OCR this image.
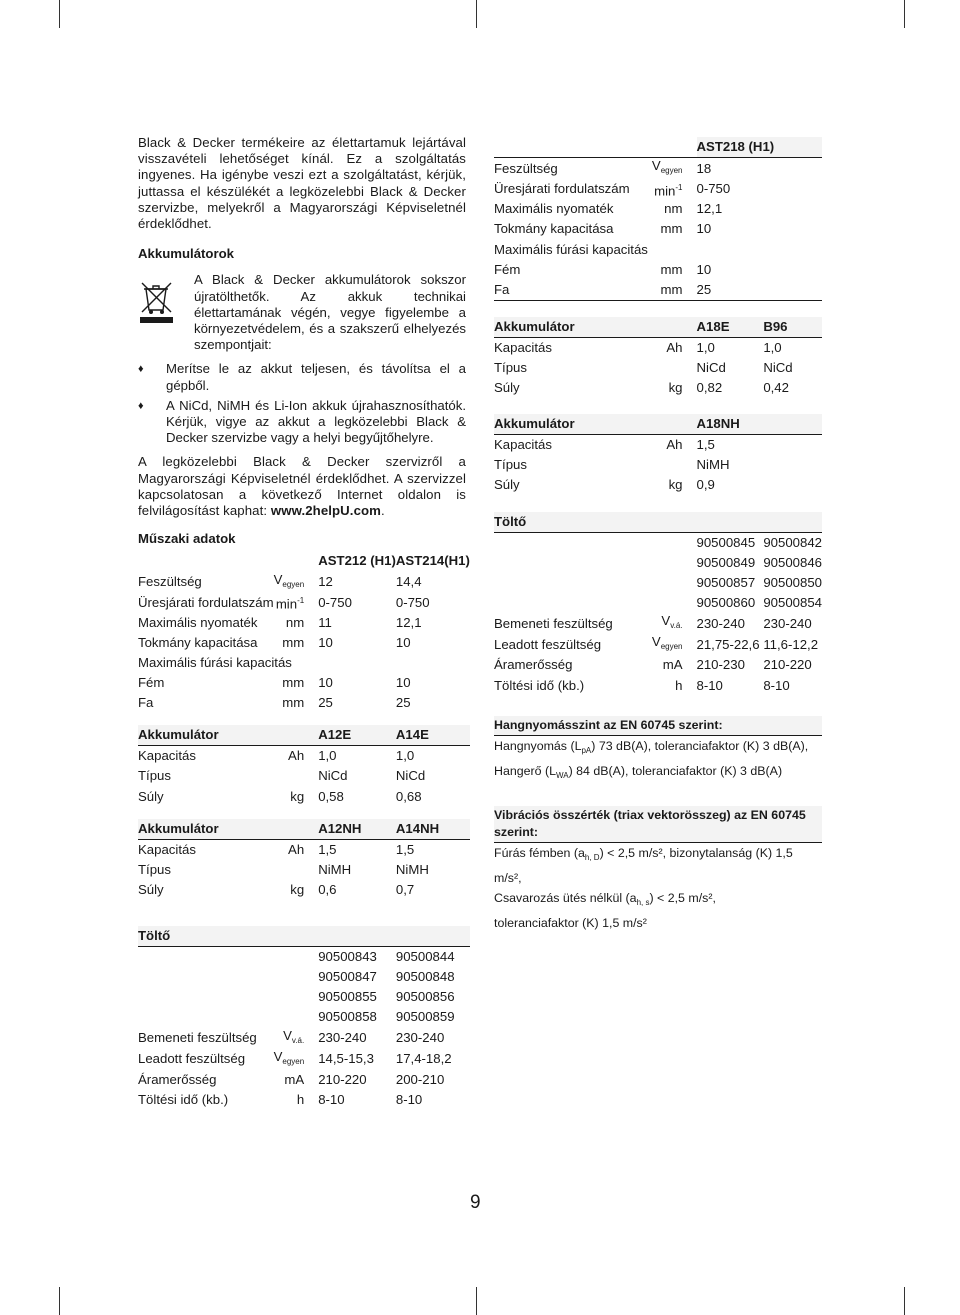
Black & Decker termékeire az élettartamuk lejártával visszavételi lehetőséget kínál. Ez a szolgáltatás ingyenes. Ha igénybe veszi ezt a szolgáltatást, kérjük, juttassa el készülékét a legközelebbi Black & Decker szervizbe, melyekről a Magyarországi Képviseletnél érdeklődhet.

Akkumulátorok
A Black & Decker akkumulátorok sokszor újratölthetők. Az akkuk technikai élettartamának végén, vegye figyelembe a környezetvédelem, és a szakszerű elhelyezés szempontjait:
♦ Merítse le az akkut teljesen, és távolítsa el a gépből.
♦ A NiCd, NiMH és Li-Ion akkuk újrahasznosíthatók. Kérjük, vigye az akkut a legközelebbi Black & Decker szervizbe vagy a helyi begyűjtőhelyre.

A legközelebbi Black & Decker szervizről a Magyarországi Képviseletnél érdeklődhet. A szervizzel kapcsolatosan a következő Internet oldalon is felvilágosítást kaphat: www.2helpU.com.

Műszaki adatok
		AST212 (H1)	AST214(H1)
Feszültség	$V_{egyen}$	12	14,4
Üresjárati fordulatszám	$\min^{-1}$	0-750	0-750
Maximális nyomaték	nm	11	12,1
Tokmány kapacitása	mm	10	10
Maximális fúrási kapacitás			
Fém	mm	10	10
Fa	mm	25	25

Akkumulátor		A12E	A14E
Kapacitás	Ah	1,0	1,0
Típus		NiCd	NiCd
Súly	kg	0,58	0,68

Akkumulátor		A12NH	A14NH
Kapacitás	Ah	1,5	1,5
Típus		NiMH	NiMH
Súly	kg	0,6	0,7

Töltő			
		90500843	90500844
		90500847	90500848
		90500855	90500856
		90500858	90500859
Bemeneti feszültség	$V_{v.á.}$	230-240	230-240
Leadott feszültség	$V_{egyen}$	14,5-15,3	17,4-18,2
Áramerősség	mA	210-220	200-210
Töltési idő (kb.)	h	8-10	8-10
		AST218 (H1)	
Feszültség	$V_{egyen}$	18	
Üresjárati fordulatszám	$\min^{-1}$	0-750	
Maximális nyomaték	nm	12,1	
Tokmány kapacitása	mm	10	
Maximális fúrási kapacitás			
Fém	mm	10	
Fa	mm	25	

Akkumulátor		A18E	B96
Kapacitás	Ah	1,0	1,0
Típus		NiCd	NiCd
Súly	kg	0,82	0,42

Akkumulátor		A18NH	
Kapacitás	Ah	1,5	
Típus		NiMH	
Súly	kg	0,9	

Töltő			
		90500845	90500842
		90500849	90500846
		90500857	90500850
		90500860	90500854
Bemeneti feszültség	$V_{v.á.}$	230-240	230-240
Leadott feszültség	$V_{egyen}$	21,75-22,6	11,6-12,2
Áramerősség	mA	210-230	210-220
Töltési idő (kb.)	h	8-10	8-10
Hangnyomásszint az EN 60745 szerint:
Hangnyomás $(L_{pA})$ 73 dB(A), toleranciafaktor (K) 3 dB(A),
Hangerő $(L_{WA})$ 84 dB(A), toleranciafaktor (K) 3 dB(A)
Vibrációs összérték (triax vektorösszeg) az EN 60745
szerint:
Fúrás fémben $(a_{h, D}) < 2,5$ m/s², bizonytalanság (K) 1,5 m/s²,
Csavarozás ütés nélkül $(a_{h, s}) < 2,5$ m/s²,
toleranciafaktor (K) 1,5 m/s²
9
